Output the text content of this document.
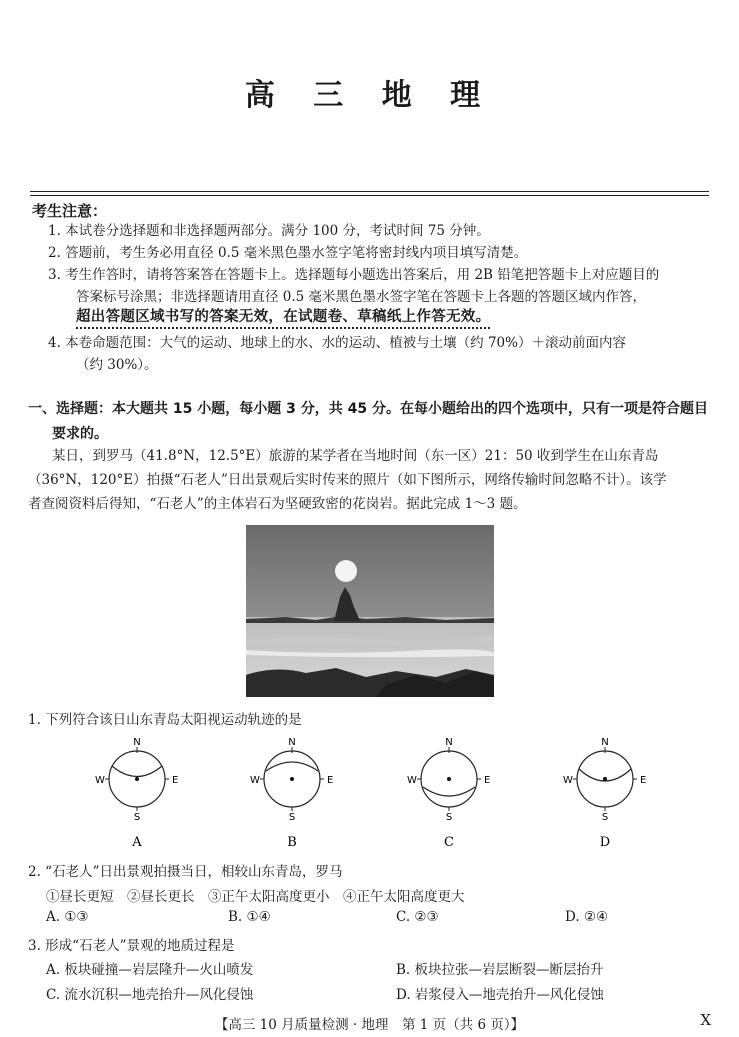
高 三 地 理
考生注意：
1. 本试卷分选择题和非选择题两部分。满分 100 分，考试时间 75 分钟。
2. 答题前，考生务必用直径 0.5 毫米黑色墨水签字笔将密封线内项目填写清楚。
3. 考生作答时，请将答案答在答题卡上。选择题每小题选出答案后，用 2B 铅笔把答题卡上对应题目的
答案标号涂黑；非选择题请用直径 0.5 毫米黑色墨水签字笔在答题卡上各题的答题区域内作答，
超出答题区域书写的答案无效，在试题卷、草稿纸上作答无效。
4. 本卷命题范围：大气的运动、地球上的水、水的运动、植被与土壤（约 70%）＋滚动前面内容
（约 30%）。
一、选择题：本大题共 15 小题，每小题 3 分，共 45 分。在每小题给出的四个选项中，只有一项是符合题目
要求的。
某日，到罗马（41.8°N，12.5°E）旅游的某学者在当地时间（东一区）21：50 收到学生在山东青岛
（36°N，120°E）拍摄“石老人”日出景观后实时传来的照片（如下图所示，网络传输时间忽略不计）。该学
者查阅资料后得知，“石老人”的主体岩石为坚硬致密的花岗岩。据此完成 1～3 题。
1. 下列符合该日山东青岛太阳视运动轨迹的是
N
S
W	E
A
N
S
W	E
B
N
S
W	E
C
N
S
W	E
D
2. “石老人”日出景观拍摄当日，相较山东青岛，罗马
①昼长更短　②昼长更长　③正午太阳高度更小　④正午太阳高度更大
A. ①③	B. ①④	C. ②③	D. ②④
3. 形成“石老人”景观的地质过程是
A. 板块碰撞—岩层隆升—火山喷发	B. 板块拉张—岩层断裂—断层抬升
C. 流水沉积—地壳抬升—风化侵蚀	D. 岩浆侵入—地壳抬升—风化侵蚀
【高三 10 月质量检测 · 地理　第 1 页（共 6 页）】	X
